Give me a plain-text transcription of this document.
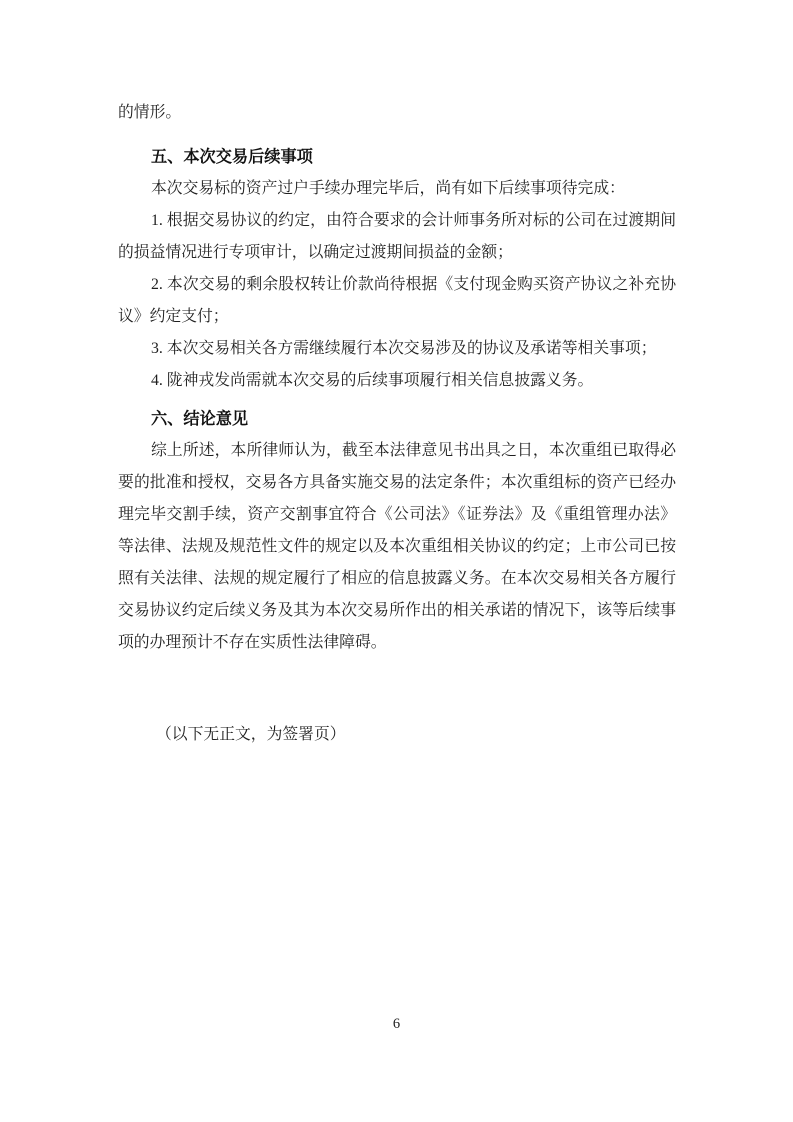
的情形。

五、本次交易后续事项

本次交易标的资产过户手续办理完毕后，尚有如下后续事项待完成：

1. 根据交易协议的约定，由符合要求的会计师事务所对标的公司在过渡期间的损益情况进行专项审计，以确定过渡期间损益的金额；

2. 本次交易的剩余股权转让价款尚待根据《支付现金购买资产协议之补充协议》约定支付；

3. 本次交易相关各方需继续履行本次交易涉及的协议及承诺等相关事项；

4. 陇神戎发尚需就本次交易的后续事项履行相关信息披露义务。

六、结论意见

综上所述，本所律师认为，截至本法律意见书出具之日，本次重组已取得必要的批准和授权，交易各方具备实施交易的法定条件；本次重组标的资产已经办理完毕交割手续，资产交割事宜符合《公司法》《证券法》及《重组管理办法》等法律、法规及规范性文件的规定以及本次重组相关协议的约定；上市公司已按照有关法律、法规的规定履行了相应的信息披露义务。在本次交易相关各方履行交易协议约定后续义务及其为本次交易所作出的相关承诺的情况下，该等后续事项的办理预计不存在实质性法律障碍。

（以下无正文，为签署页）

6
